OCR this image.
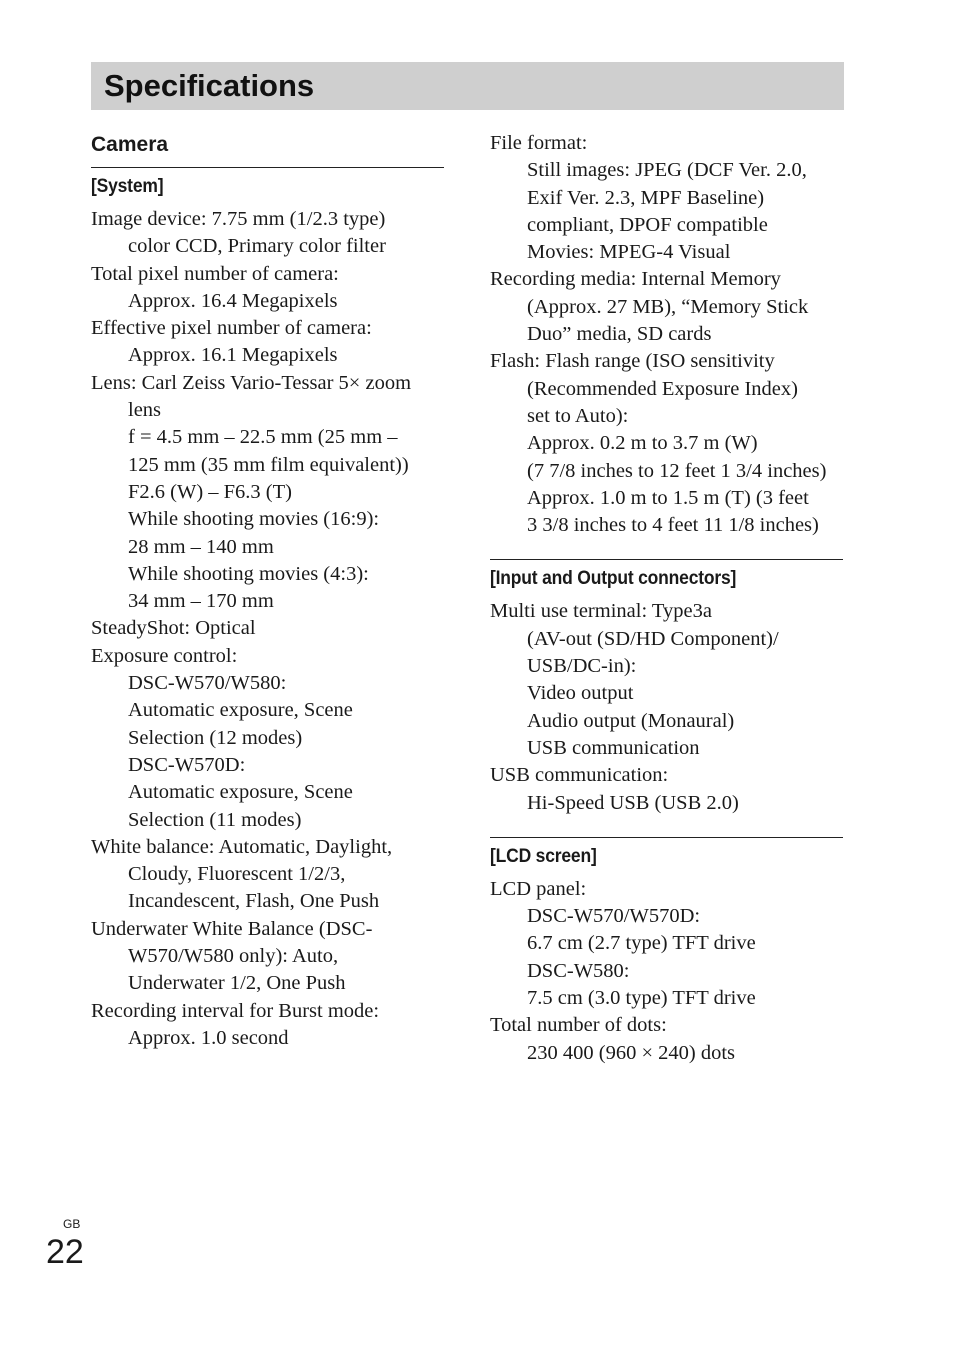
Specifications
Camera
[System]
Image device: 7.75 mm (1/2.3 type)
color CCD, Primary color filter
Total pixel number of camera:
Approx. 16.4 Megapixels
Effective pixel number of camera:
Approx. 16.1 Megapixels
Lens: Carl Zeiss Vario-Tessar 5× zoom
lens
f = 4.5 mm – 22.5 mm (25 mm –
125 mm (35 mm film equivalent))
F2.6 (W) – F6.3 (T)
While shooting movies (16:9):
28 mm – 140 mm
While shooting movies (4:3):
34 mm – 170 mm
SteadyShot: Optical
Exposure control:
DSC-W570/W580:
Automatic exposure, Scene
Selection (12 modes)
DSC-W570D:
Automatic exposure, Scene
Selection (11 modes)
White balance: Automatic, Daylight,
Cloudy, Fluorescent 1/2/3,
Incandescent, Flash, One Push
Underwater White Balance (DSC-
W570/W580 only): Auto,
Underwater 1/2, One Push
Recording interval for Burst mode:
Approx. 1.0 second
File format:
Still images: JPEG (DCF Ver. 2.0,
Exif Ver. 2.3, MPF Baseline)
compliant, DPOF compatible
Movies: MPEG-4 Visual
Recording media: Internal Memory
(Approx. 27 MB), “Memory Stick
Duo” media, SD cards
Flash: Flash range (ISO sensitivity
(Recommended Exposure Index)
set to Auto):
Approx. 0.2 m to 3.7 m (W)
(7 7/8 inches to 12 feet 1 3/4 inches)
Approx. 1.0 m to 1.5 m (T) (3 feet
3 3/8 inches to 4 feet 11 1/8 inches)
[Input and Output connectors]
Multi use terminal: Type3a
(AV-out (SD/HD Component)/
USB/DC-in):
Video output
Audio output (Monaural)
USB communication
USB communication:
Hi-Speed USB (USB 2.0)
[LCD screen]
LCD panel:
DSC-W570/W570D:
6.7 cm (2.7 type) TFT drive
DSC-W580:
7.5 cm (3.0 type) TFT drive
Total number of dots:
230 400 (960 × 240) dots
GB
22
